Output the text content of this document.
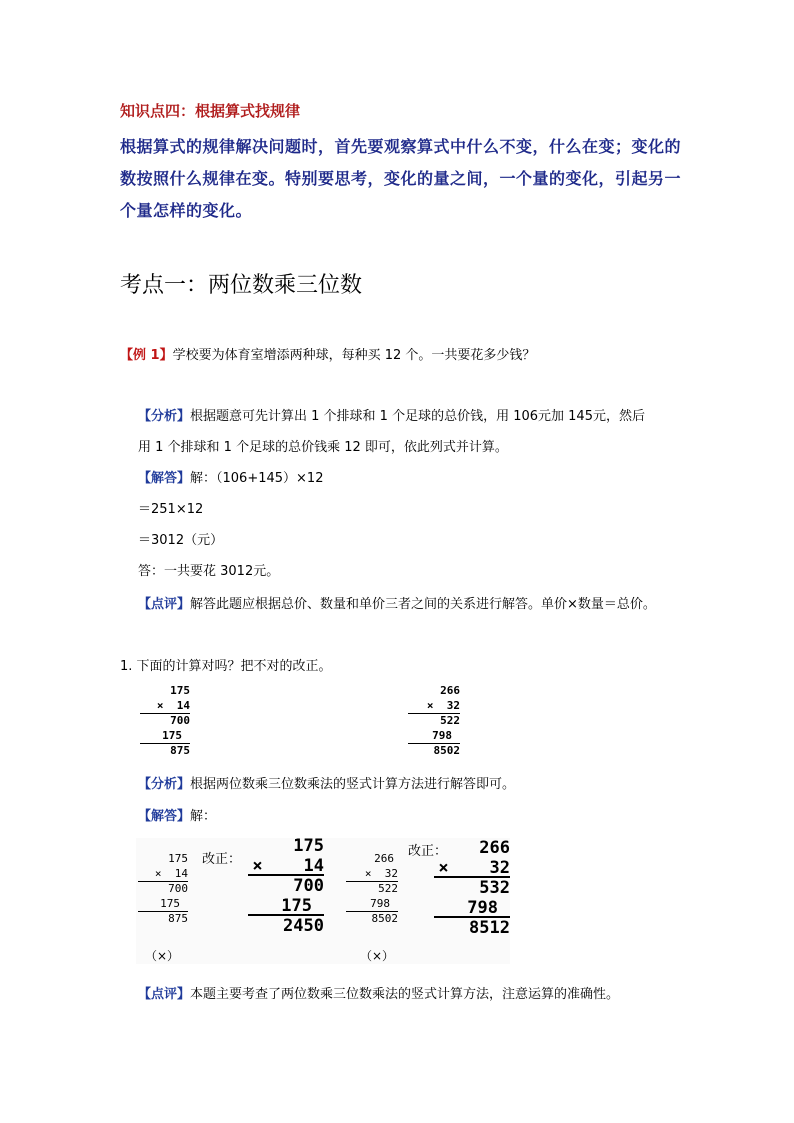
知识点四：根据算式找规律
根据算式的规律解决问题时，首先要观察算式中什么不变，什么在变；变化的
数按照什么规律在变。特别要思考，变化的量之间，一个量的变化，引起另一
个量怎样的变化。
考点一：两位数乘三位数
【例 1】学校要为体育室增添两种球，每种买 12 个。一共要花多少钱？
【分析】根据题意可先计算出 1 个排球和 1 个足球的总价钱，用 106元加 145元，然后
用 1 个排球和 1 个足球的总价钱乘 12 即可，依此列式并计算。
【解答】解：（106+145）×12
＝251×12
＝3012（元）
答：一共要花 3012元。
【点评】解答此题应根据总价、数量和单价三者之间的关系进行解答。单价×数量＝总价。
1. 下面的计算对吗？把不对的改正。
175
×  14
700
175
875
266
×  32
522
798
8502
【分析】根据两位数乘三位数乘法的竖式计算方法进行解答即可。
【解答】解：
175
×  14
700
175
875
（×）
改正：
175
×    14
700
175
2450
266
×  32
522
798
8502
（×）
改正： 266
×    32
532
798
8512
【点评】本题主要考查了两位数乘三位数乘法的竖式计算方法，注意运算的准确性。
